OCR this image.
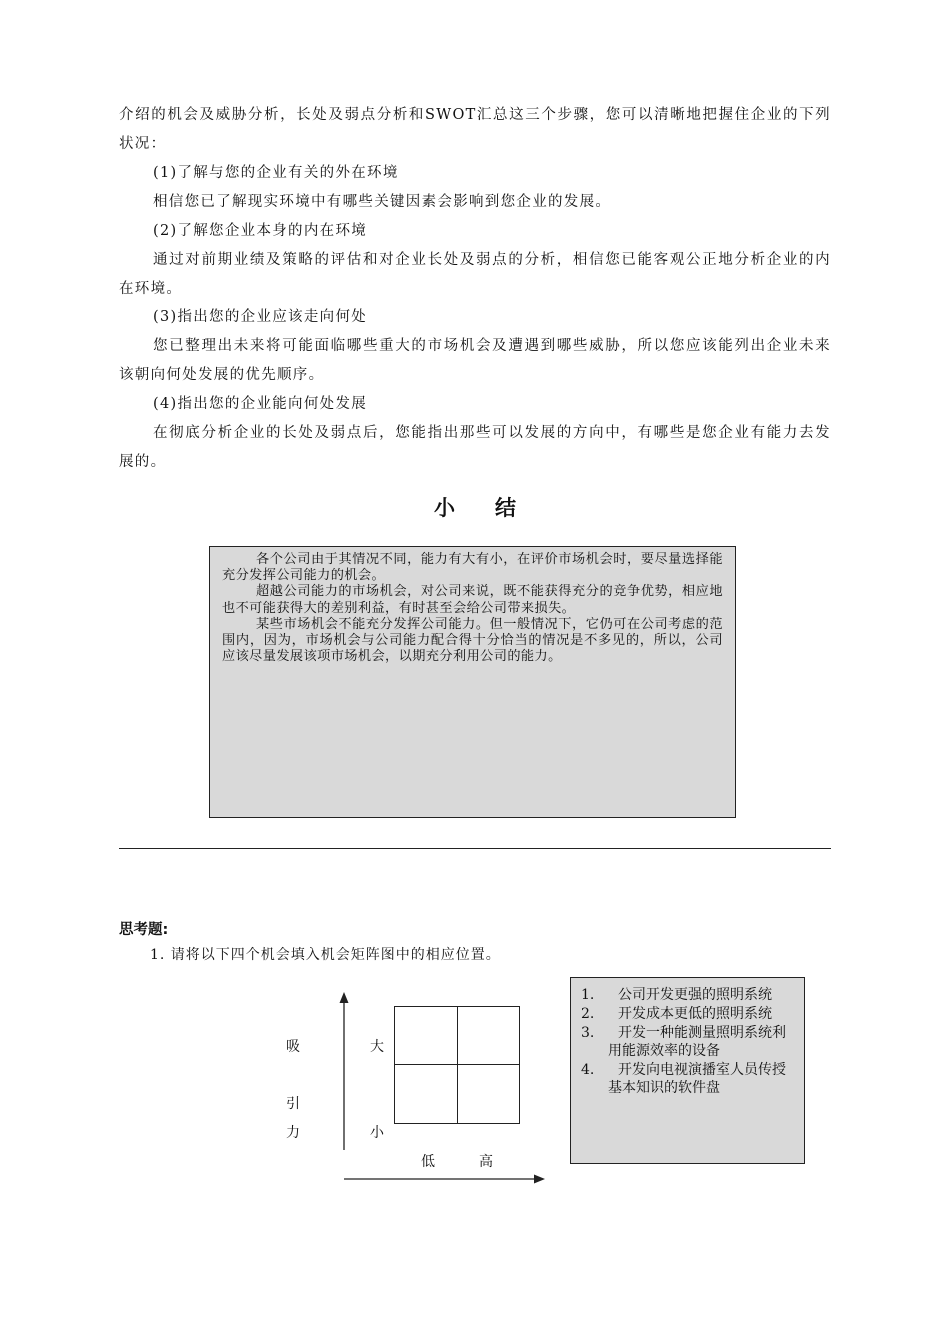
介绍的机会及威胁分析，长处及弱点分析和SWOT汇总这三个步骤，您可以清晰地把握住企业的下列状况：

(1)了解与您的企业有关的外在环境

相信您已了解现实环境中有哪些关键因素会影响到您企业的发展。

(2)了解您企业本身的内在环境

通过对前期业绩及策略的评估和对企业长处及弱点的分析，相信您已能客观公正地分析企业的内在环境。

(3)指出您的企业应该走向何处

您已整理出未来将可能面临哪些重大的市场机会及遭遇到哪些威胁，所以您应该能列出企业未来该朝向何处发展的优先顺序。

(4)指出您的企业能向何处发展

在彻底分析企业的长处及弱点后，您能指出那些可以发展的方向中，有哪些是您企业有能力去发展的。

小结

各个公司由于其情况不同，能力有大有小，在评价市场机会时，要尽量选择能充分发挥公司能力的机会。

超越公司能力的市场机会，对公司来说，既不能获得充分的竞争优势，相应地也不可能获得大的差别利益，有时甚至会给公司带来损失。

某些市场机会不能充分发挥公司能力。但一般情况下，它仍可在公司考虑的范围内，因为，市场机会与公司能力配合得十分恰当的情况是不多见的，所以，公司应该尽量发展该项市场机会，以期充分利用公司的能力。

思考题:
1. 请将以下四个机会填入机会矩阵图中的相应位置。
吸
引
力
大
小
低	高
1.	公司开发更强的照明系统
2.	开发成本更低的照明系统
3.	开发一种能测量照明系统利用能源效率的设备
4.	开发向电视演播室人员传授基本知识的软件盘
